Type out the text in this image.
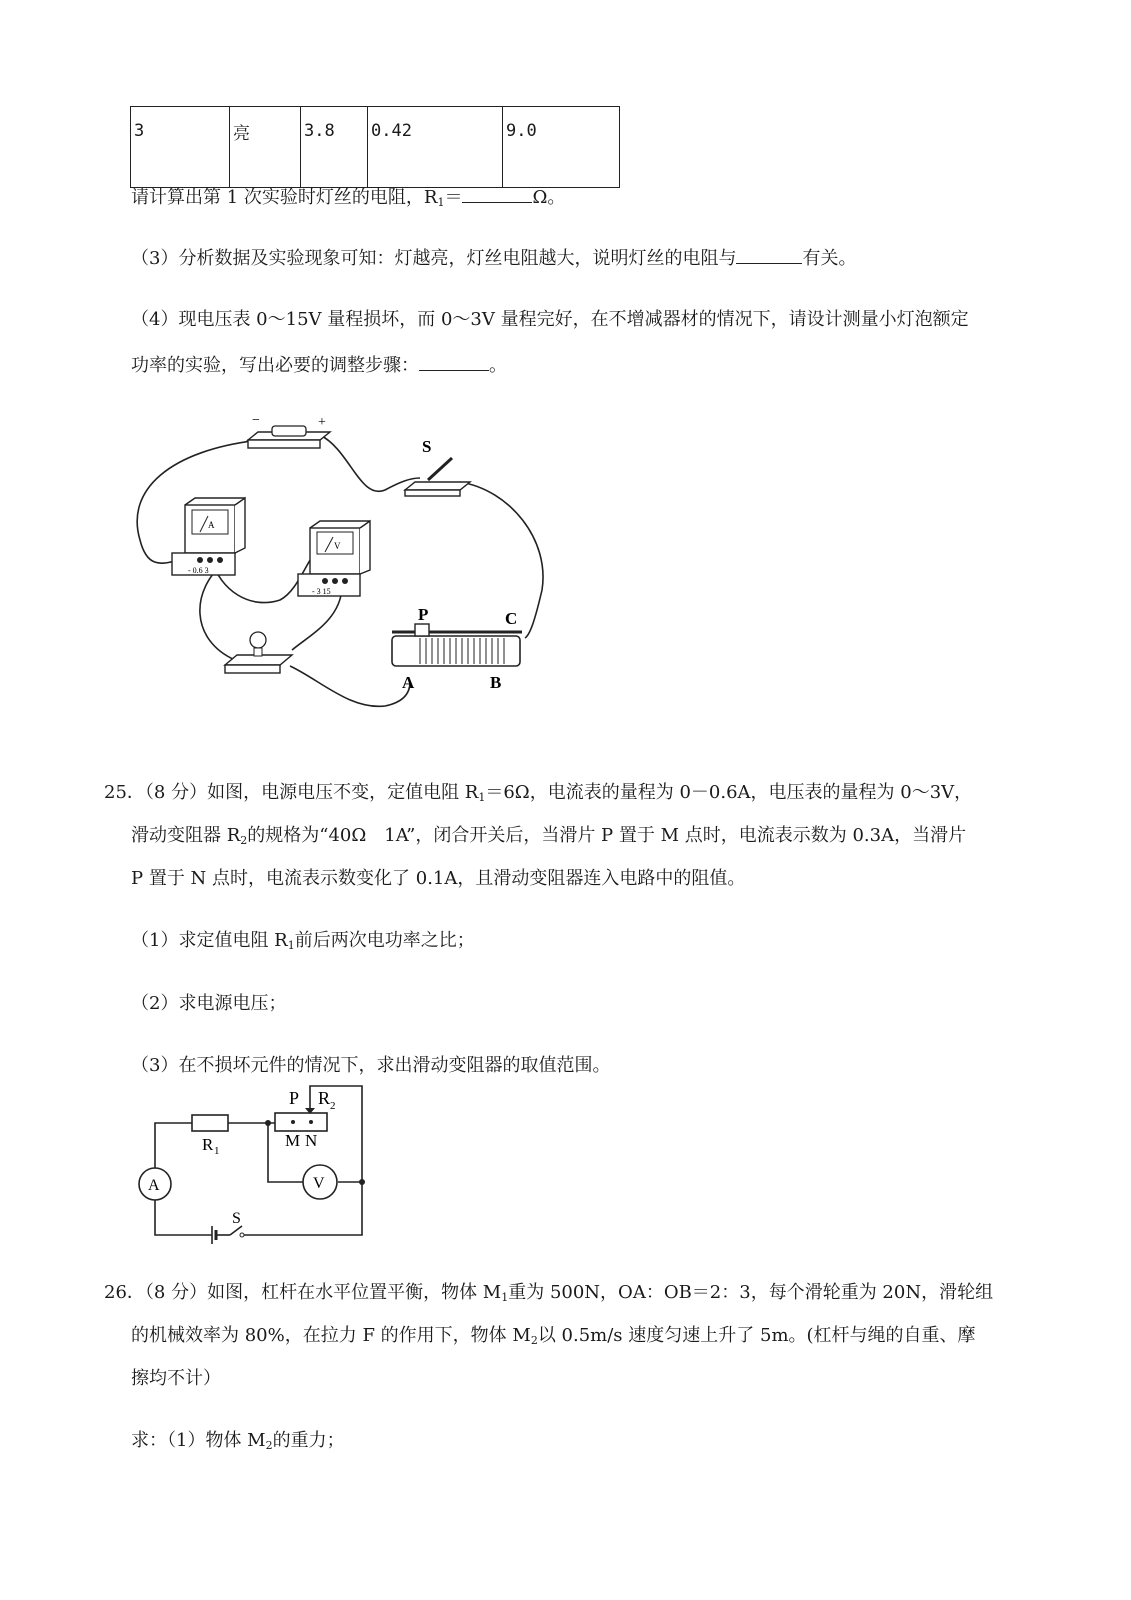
3	亮	3.8	0.42	9.0
请计算出第 1 次实验时灯丝的电阻，$R_1=$	Ω。
（3）分析数据及实验现象可知：灯越亮，灯丝电阻越大，说明灯丝的电阻与	有关。
（4）现电压表 0～15V 量程损坏，而 0～3V 量程完好，在不增减器材的情况下，请设计测量小灯泡额定
功率的实验，写出必要的调整步骤：	。
−	+
S
A
- 0.6 3
V
- 3 15
P	C
A	B
25．（8 分）如图，电源电压不变，定值电阻 $R_1=6\Omega$，电流表的量程为 0－0.6A，电压表的量程为 0～3V，
滑动变阻器 $R_2$的规格为“40Ω　1A”，闭合开关后，当滑片 P 置于 M 点时，电流表示数为 0.3A，当滑片
P 置于 N 点时，电流表示数变化了 0.1A，且滑动变阻器连入电路中的阻值。
（1）求定值电阻 $R_1$前后两次电功率之比；
（2）求电源电压；
（3）在不损坏元件的情况下，求出滑动变阻器的取值范围。
P R 2
M N
R 1
A	V
S
26．（8 分）如图，杠杆在水平位置平衡，物体 $M_1$重为 500N，OA：OB＝2：3，每个滑轮重为 20N，滑轮组
的机械效率为 80%，在拉力 F 的作用下，物体 $M_2$以 0.5m/s 速度匀速上升了 5m。(杠杆与绳的自重、摩
擦均不计）
求：（1）物体 $M_2$的重力；
